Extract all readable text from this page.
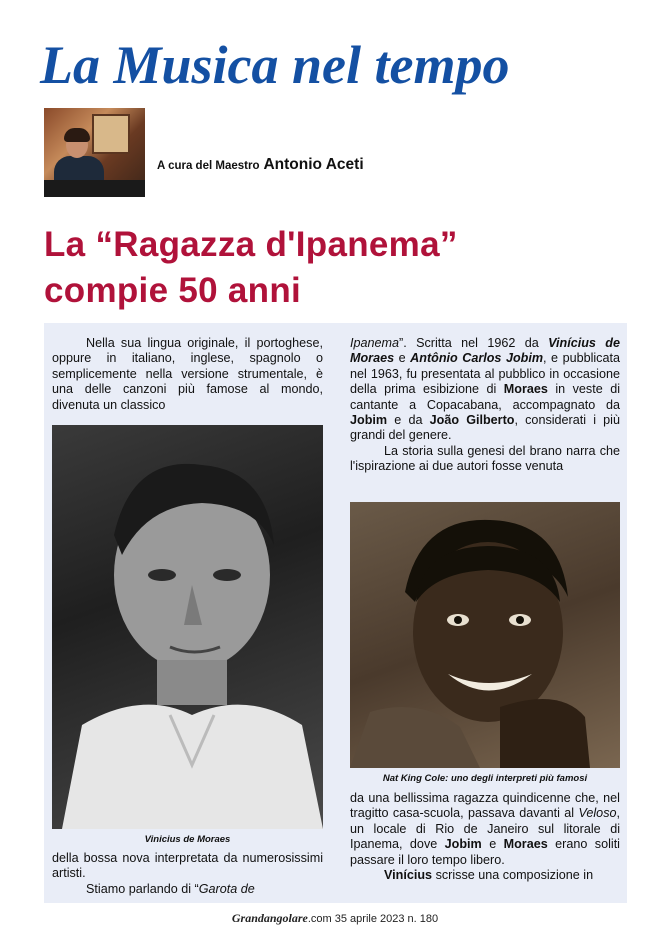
La Musica nel tempo
A cura del Maestro Antonio Aceti
La “Ragazza d'Ipanema”
compie 50 anni

Nella sua lingua originale, il portoghese, oppure in italiano, inglese, spagnolo o semplicemente nella versione strumentale, è una delle canzoni più famose al mondo, divenuta un classico

Vinicius de Moraes

della bossa nova interpretata da numerosissimi artisti.

Stiamo parlando di “Garota de

Ipanema”. Scritta nel 1962 da Vinícius de Moraes e Antônio Carlos Jobim, e pubblicata nel 1963, fu presentata al pubblico in occasione della prima esibizione di Moraes in veste di cantante a Copacabana, accompagnato da Jobim e da João Gilberto, considerati i più grandi del genere.

La storia sulla genesi del brano narra che l'ispirazione ai due autori fosse venuta

Nat King Cole: uno degli interpreti più famosi

da una bellissima ragazza quindicenne che, nel tragitto casa-scuola, passava davanti al Veloso, un locale di Rio de Janeiro sul litorale di Ipanema, dove Jobim e Moraes erano soliti passare il loro tempo libero.

Vinícius scrisse una composizione in

Grandangolare.com 35 aprile 2023 n. 180
